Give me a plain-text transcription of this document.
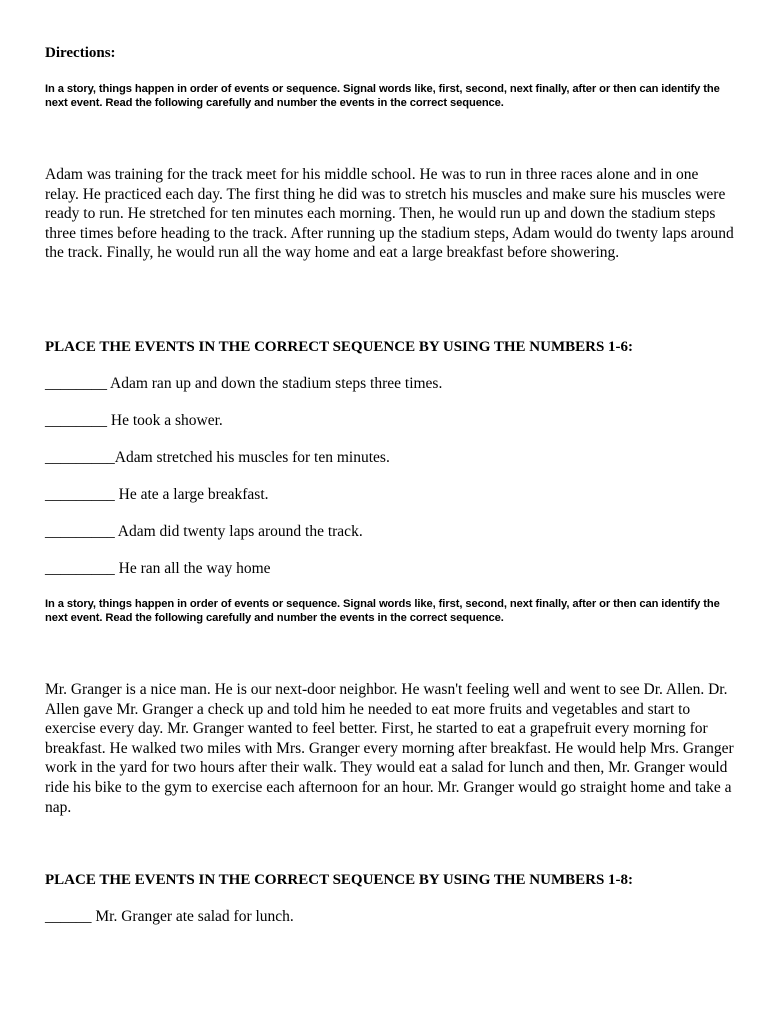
Directions:
In a story, things happen in order of events or sequence. Signal words like, first, second, next finally, after or then can identify the next event. Read the following carefully and number the events in the correct sequence.

Adam was training for the track meet for his middle school. He was to run in three races alone and in one relay. He practiced each day. The first thing he did was to stretch his muscles and make sure his muscles were ready to run. He stretched for ten minutes each morning. Then, he would run up and down the stadium steps three times before heading to the track. After running up the stadium steps, Adam would do twenty laps around the track. Finally, he would run all the way home and eat a large breakfast before showering.

PLACE THE EVENTS IN THE CORRECT SEQUENCE BY USING THE NUMBERS 1-6:
________ Adam ran up and down the stadium steps three times.
________ He took a shower.
_________Adam stretched his muscles for ten minutes.
_________ He ate a large breakfast.
_________ Adam did twenty laps around the track.
_________ He ran all the way home
In a story, things happen in order of events or sequence. Signal words like, first, second, next finally, after or then can identify the next event. Read the following carefully and number the events in the correct sequence.

Mr. Granger is a nice man. He is our next-door neighbor. He wasn't feeling well and went to see Dr. Allen. Dr. Allen gave Mr. Granger a check up and told him he needed to eat more fruits and vegetables and start to exercise every day. Mr. Granger wanted to feel better. First, he started to eat a grapefruit every morning for breakfast. He walked two miles with Mrs. Granger every morning after breakfast. He would help Mrs. Granger work in the yard for two hours after their walk. They would eat a salad for lunch and then, Mr. Granger would ride his bike to the gym to exercise each afternoon for an hour. Mr. Granger would go straight home and take a nap.

PLACE THE EVENTS IN THE CORRECT SEQUENCE BY USING THE NUMBERS 1-8:
______ Mr. Granger ate salad for lunch.
